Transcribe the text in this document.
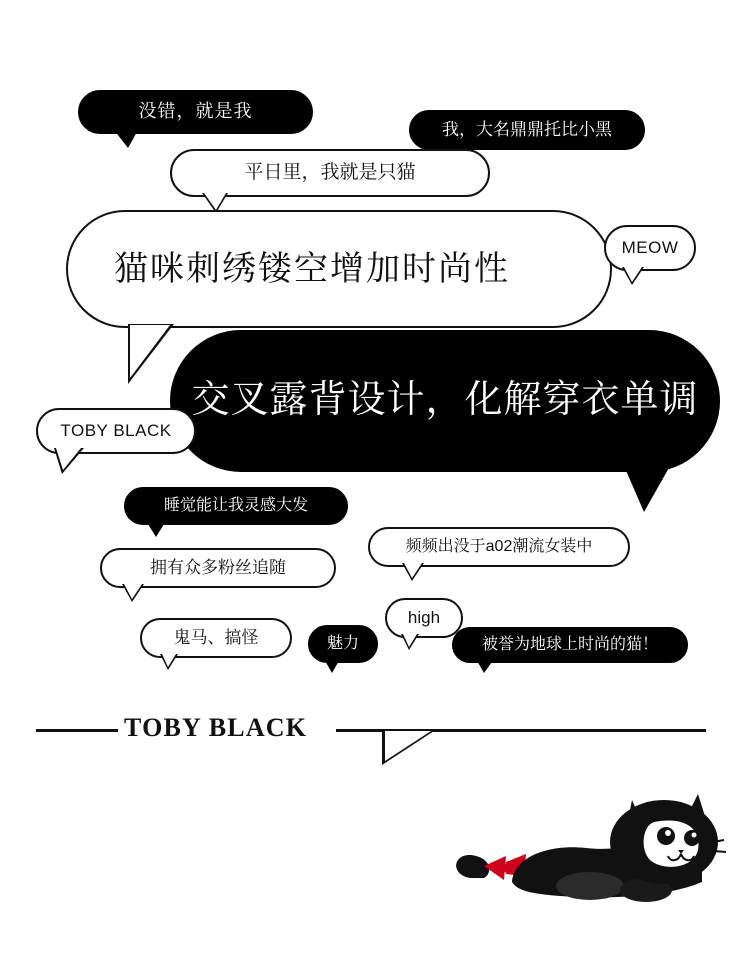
没错，就是我
我，大名鼎鼎托比小黑
平日里，我就是只猫
猫咪刺绣镂空增加时尚性
MEOW
交叉露背设计，化解穿衣单调
TOBY BLACK
睡觉能让我灵感大发
频频出没于a02潮流女装中
拥有众多粉丝追随
鬼马、搞怪	魅力
high
被誉为地球上时尚的猫！
TOBY BLACK
